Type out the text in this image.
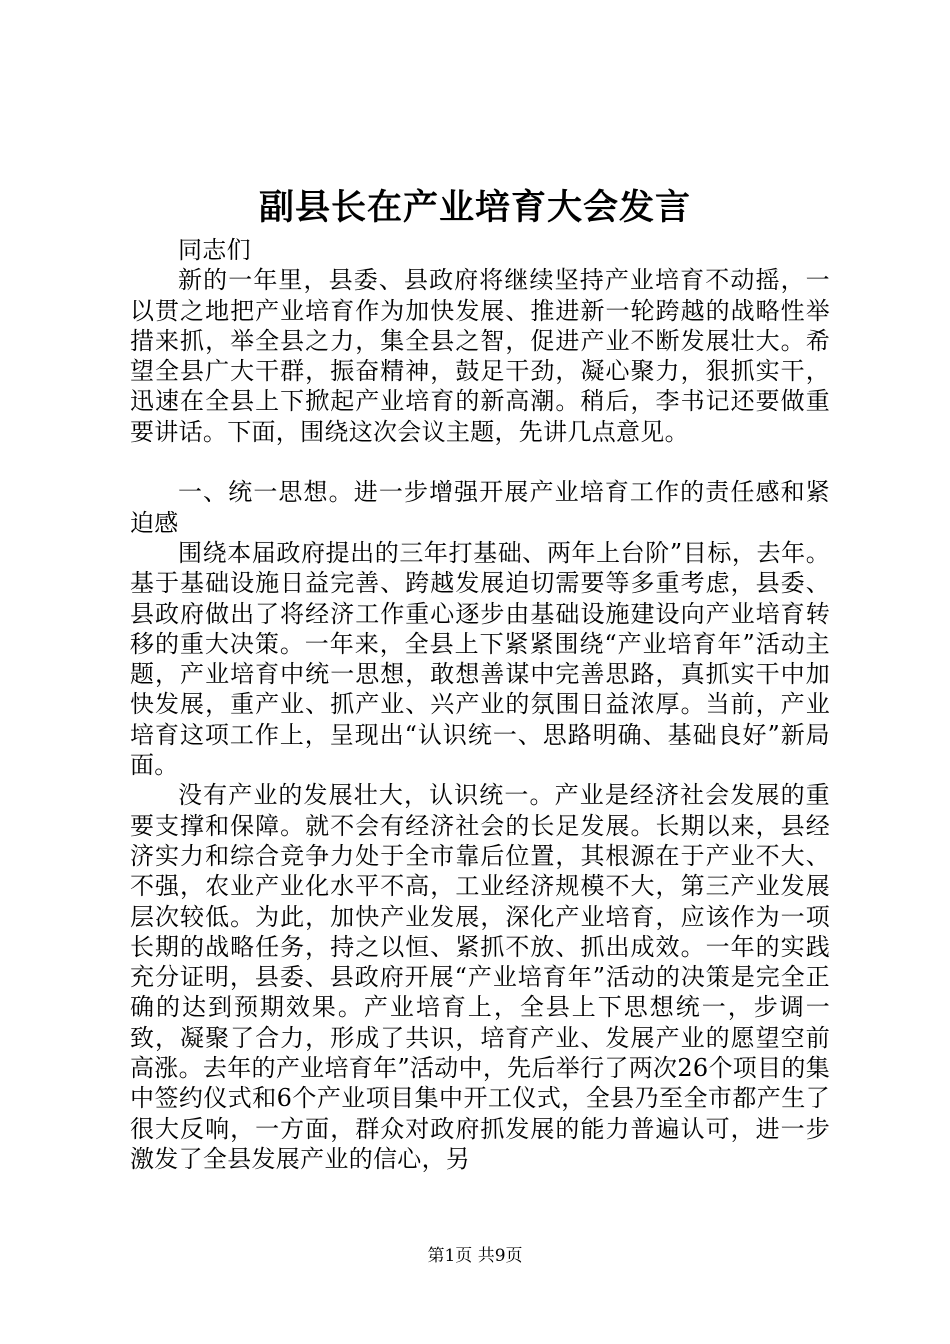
副县长在产业培育大会发言

同志们

新的一年里，县委、县政府将继续坚持产业培育不动摇，一以贯之地把产业培育作为加快发展、推进新一轮跨越的战略性举措来抓，举全县之力，集全县之智，促进产业不断发展壮大。希望全县广大干群，振奋精神，鼓足干劲，凝心聚力，狠抓实干，迅速在全县上下掀起产业培育的新高潮。稍后，李书记还要做重要讲话。下面，围绕这次会议主题，先讲几点意见。

一、统一思想。进一步增强开展产业培育工作的责任感和紧迫感

围绕本届政府提出的三年打基础、两年上台阶”目标，去年。基于基础设施日益完善、跨越发展迫切需要等多重考虑，县委、县政府做出了将经济工作重心逐步由基础设施建设向产业培育转移的重大决策。一年来，全县上下紧紧围绕“产业培育年”活动主题，产业培育中统一思想，敢想善谋中完善思路，真抓实干中加快发展，重产业、抓产业、兴产业的氛围日益浓厚。当前，产业培育这项工作上，呈现出“认识统一、思路明确、基础良好”新局面。

没有产业的发展壮大，认识统一。产业是经济社会发展的重要支撑和保障。就不会有经济社会的长足发展。长期以来，县经济实力和综合竞争力处于全市靠后位置，其根源在于产业不大、不强，农业产业化水平不高，工业经济规模不大，第三产业发展层次较低。为此，加快产业发展，深化产业培育，应该作为一项长期的战略任务，持之以恒、紧抓不放、抓出成效。一年的实践充分证明，县委、县政府开展“产业培育年”活动的决策是完全正确的达到预期效果。产业培育上，全县上下思想统一，步调一致，凝聚了合力，形成了共识，培育产业、发展产业的愿望空前高涨。去年的产业培育年”活动中，先后举行了两次26个项目的集中签约仪式和6个产业项目集中开工仪式，全县乃至全市都产生了很大反响，一方面，群众对政府抓发展的能力普遍认可，进一步激发了全县发展产业的信心，另

第1页 共9页
